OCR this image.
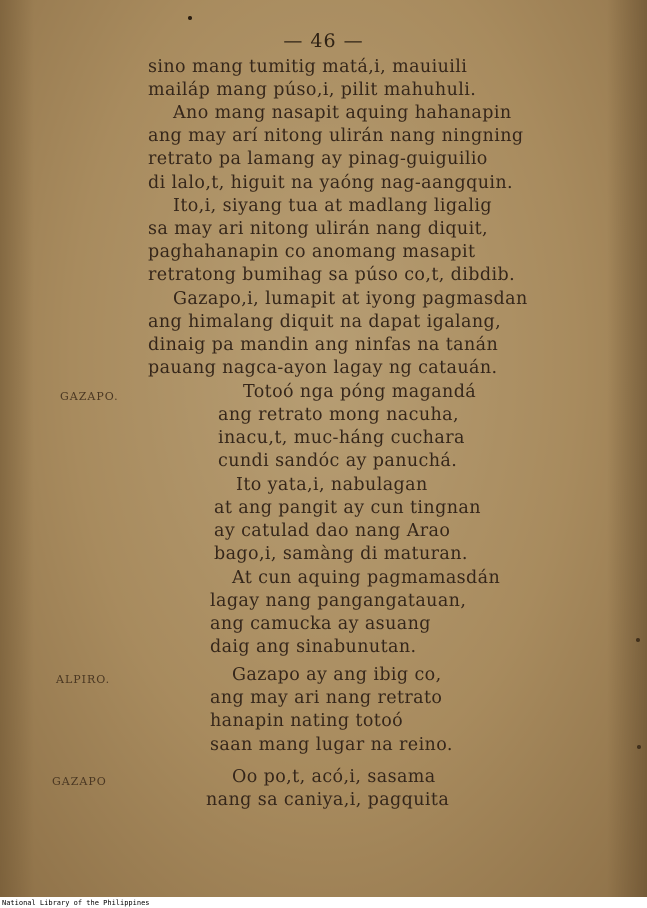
— 46 —
sino mang tumitig matá,i, mauiuili
mailáp mang púso,i, pilit mahuhuli.
Ano mang nasapit aquing hahanapin
ang may arí nitong ulirán nang ningning
retrato pa lamang ay pinag-guiguilio
di lalo,t, higuit na yaóng nag-aangquin.
Ito,i, siyang tua at madlang ligalig
sa may ari nitong ulirán nang diquit,
paghahanapin co anomang masapit
retratong bumihag sa púso co,t, dibdib.
Gazapo,i, lumapit at iyong pagmasdan
ang himalang diquit na dapat igalang,
dinaig pa mandin ang ninfas na tanán
pauang nagca-ayon lagay ng catauán.
GAZAPO.	Totoó nga póng magandá
ang retrato mong nacuha,
inacu,t, muc-háng cuchara
cundi sandóc ay panuchá.
Ito yata,i, nabulagan
at ang pangit ay cun tingnan
ay catulad dao nang Arao
bago,i, samàng di maturan.
At cun aquing pagmamasdán
lagay nang pangangatauan,
ang camucka ay asuang
daig ang sinabunutan.
ALPIRO.	Gazapo ay ang ibig co,
ang may ari nang retrato
hanapin nating totoó
saan mang lugar na reino.
GAZAPO	Oo po,t, acó,i, sasama
nang sa caniya,i, pagquita
National Library of the Philippines
